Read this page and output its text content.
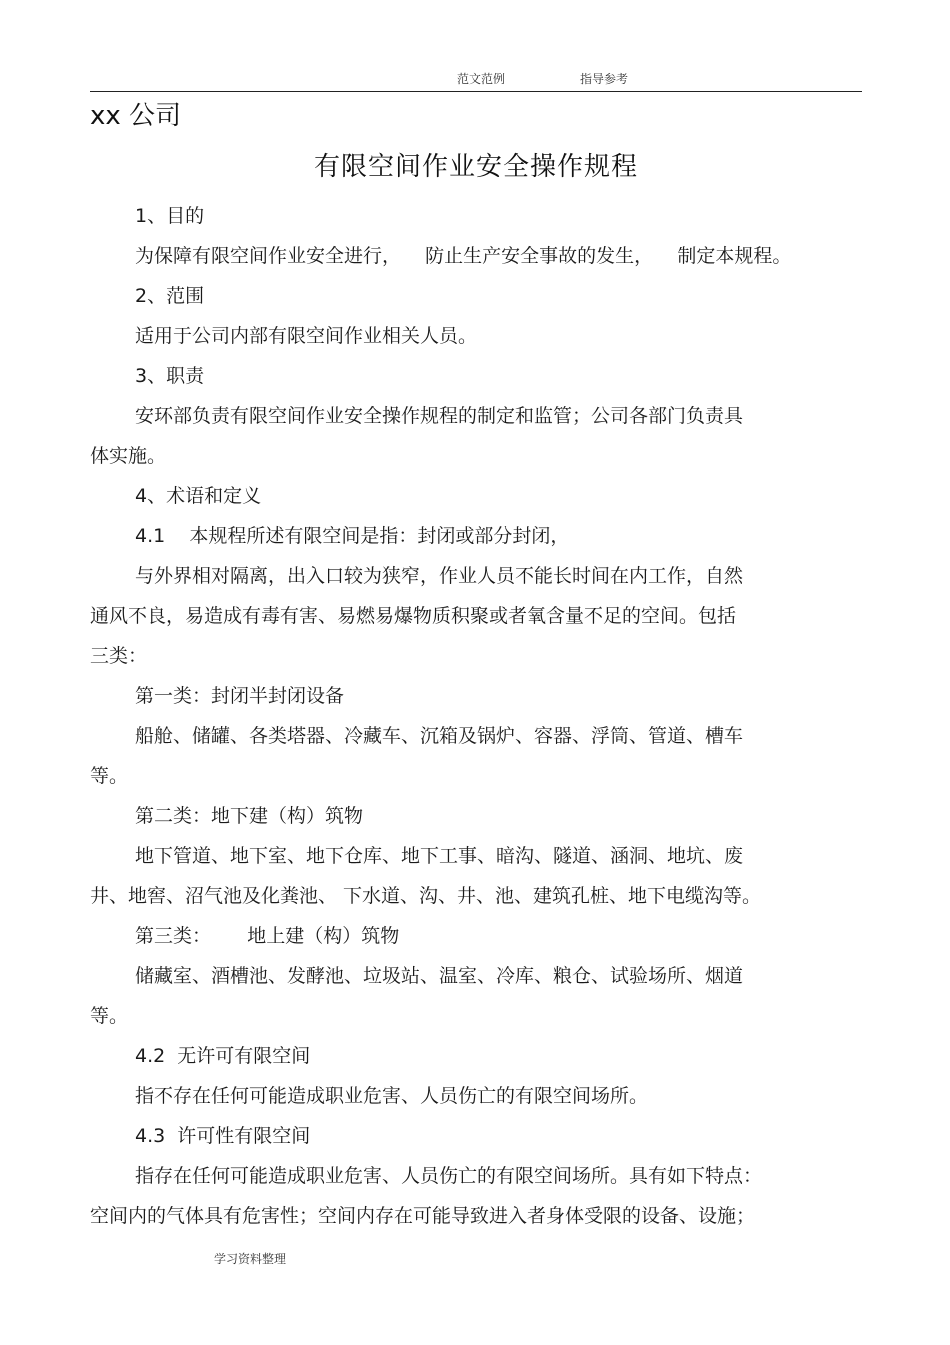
范文范例	指导参考
xx 公司
有限空间作业安全操作规程
1、目的
为保障有限空间作业安全进行，    防止生产安全事故的发生，    制定本规程。
2、范围
适用于公司内部有限空间作业相关人员。
3、职责
安环部负责有限空间作业安全操作规程的制定和监管；公司各部门负责具
体实施。
4、术语和定义
4.1    本规程所述有限空间是指：封闭或部分封闭，
与外界相对隔离，出入口较为狭窄，作业人员不能长时间在内工作，自然
通风不良，易造成有毒有害、易燃易爆物质积聚或者氧含量不足的空间。包括
三类：
第一类：封闭半封闭设备
船舱、储罐、各类塔器、冷藏车、沉箱及锅炉、容器、浮筒、管道、槽车
等。
第二类：地下建（构）筑物
地下管道、地下室、地下仓库、地下工事、暗沟、隧道、涵洞、地坑、废
井、地窖、沼气池及化粪池、 下水道、沟、井、池、建筑孔桩、地下电缆沟等。
第三类：      地上建（构）筑物
储藏室、酒槽池、发酵池、垃圾站、温室、冷库、粮仓、试验场所、烟道
等。
4.2  无许可有限空间
指不存在任何可能造成职业危害、人员伤亡的有限空间场所。
4.3  许可性有限空间
指存在任何可能造成职业危害、人员伤亡的有限空间场所。具有如下特点：
空间内的气体具有危害性；空间内存在可能导致进入者身体受限的设备、设施；
学习资料整理
